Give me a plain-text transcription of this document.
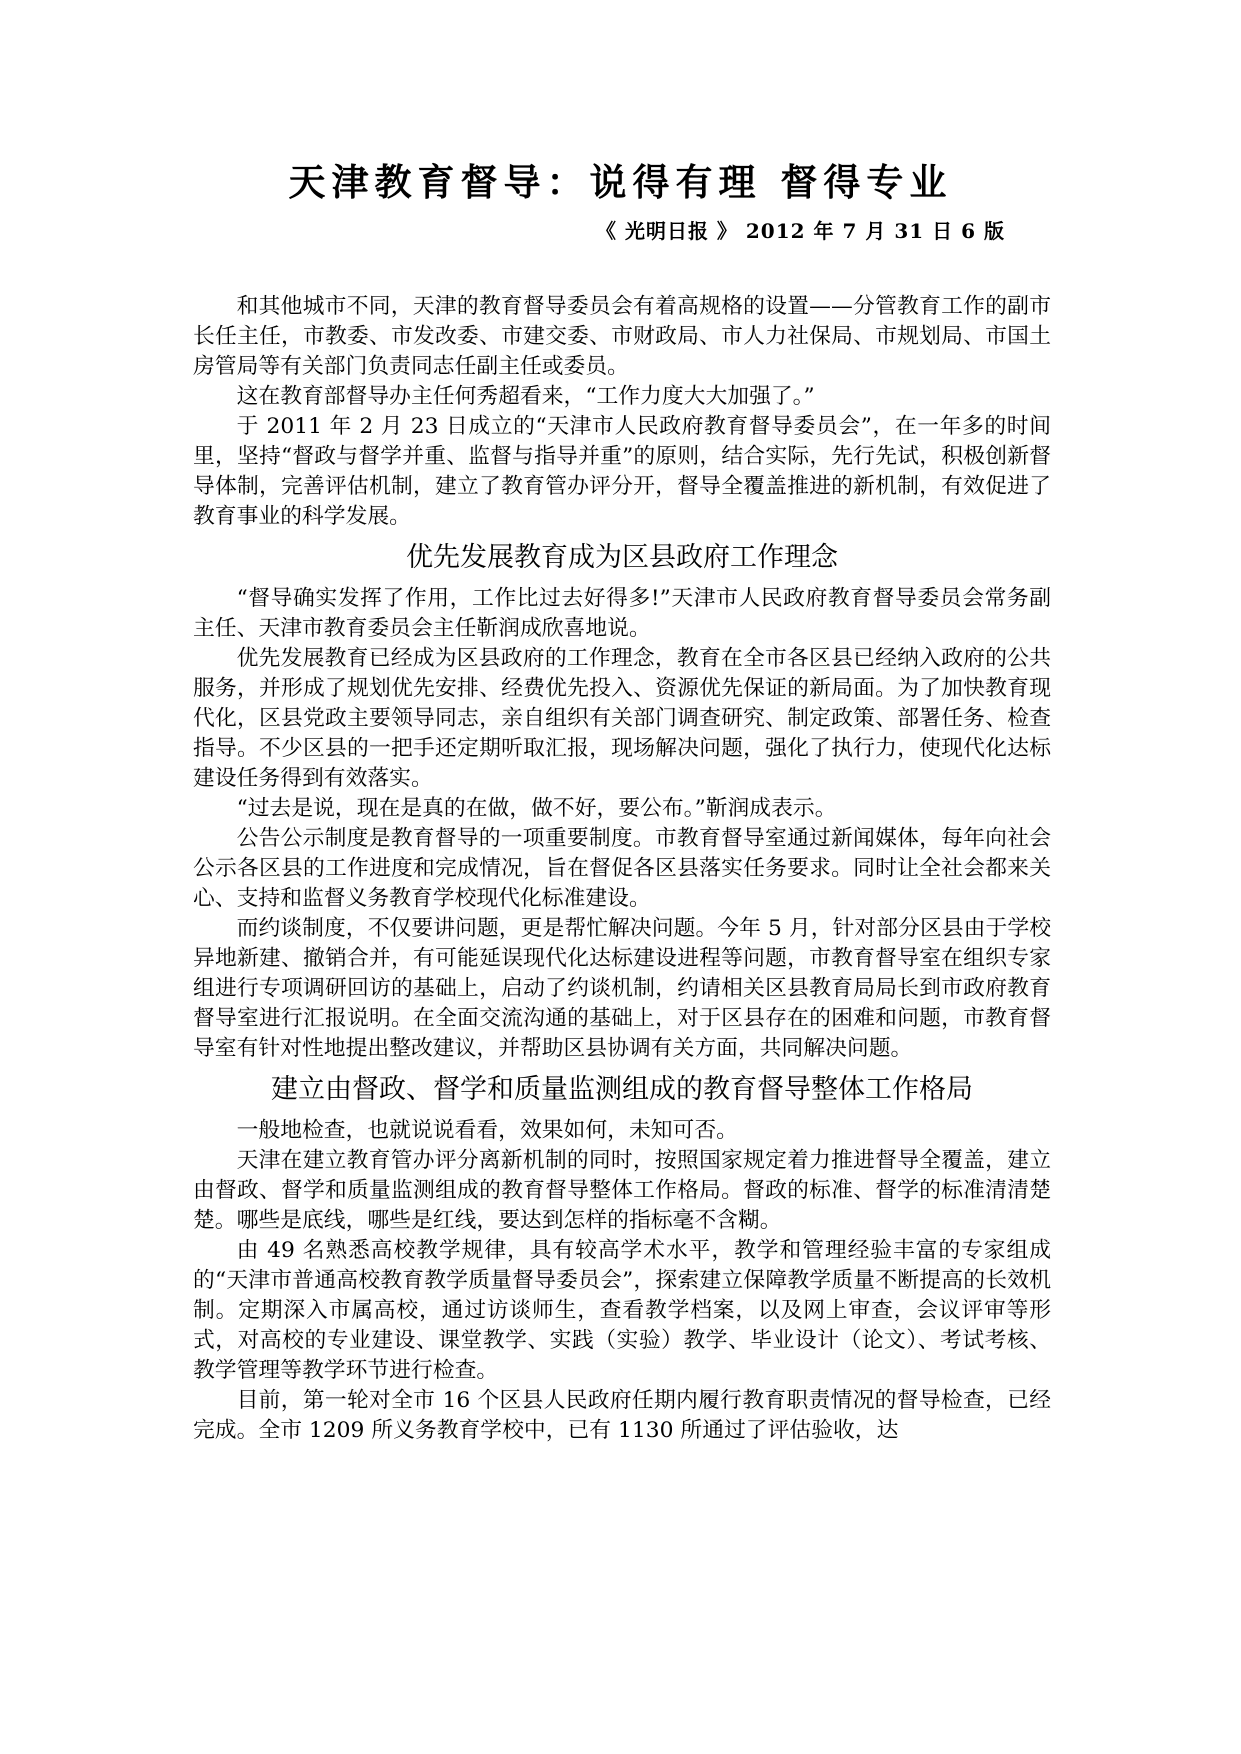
天津教育督导：说得有理 督得专业
《 光明日报 》 2012 年 7 月 31 日 6 版

和其他城市不同，天津的教育督导委员会有着高规格的设置——分管教育工作的副市长任主任，市教委、市发改委、市建交委、市财政局、市人力社保局、市规划局、市国土房管局等有关部门负责同志任副主任或委员。

这在教育部督导办主任何秀超看来，“工作力度大大加强了。”

于 2011 年 2 月 23 日成立的“天津市人民政府教育督导委员会”，在一年多的时间里，坚持“督政与督学并重、监督与指导并重”的原则，结合实际，先行先试，积极创新督导体制，完善评估机制，建立了教育管办评分开，督导全覆盖推进的新机制，有效促进了教育事业的科学发展。

优先发展教育成为区县政府工作理念

“督导确实发挥了作用，工作比过去好得多!”天津市人民政府教育督导委员会常务副主任、天津市教育委员会主任靳润成欣喜地说。

优先发展教育已经成为区县政府的工作理念，教育在全市各区县已经纳入政府的公共服务，并形成了规划优先安排、经费优先投入、资源优先保证的新局面。为了加快教育现代化，区县党政主要领导同志，亲自组织有关部门调查研究、制定政策、部署任务、检查指导。不少区县的一把手还定期听取汇报，现场解决问题，强化了执行力，使现代化达标建设任务得到有效落实。

“过去是说，现在是真的在做，做不好，要公布。”靳润成表示。

公告公示制度是教育督导的一项重要制度。市教育督导室通过新闻媒体，每年向社会公示各区县的工作进度和完成情况，旨在督促各区县落实任务要求。同时让全社会都来关心、支持和监督义务教育学校现代化标准建设。

而约谈制度，不仅要讲问题，更是帮忙解决问题。今年 5 月，针对部分区县由于学校异地新建、撤销合并，有可能延误现代化达标建设进程等问题，市教育督导室在组织专家组进行专项调研回访的基础上，启动了约谈机制，约请相关区县教育局局长到市政府教育督导室进行汇报说明。在全面交流沟通的基础上，对于区县存在的困难和问题，市教育督导室有针对性地提出整改建议，并帮助区县协调有关方面，共同解决问题。

建立由督政、督学和质量监测组成的教育督导整体工作格局

一般地检查，也就说说看看，效果如何，未知可否。

天津在建立教育管办评分离新机制的同时，按照国家规定着力推进督导全覆盖，建立由督政、督学和质量监测组成的教育督导整体工作格局。督政的标准、督学的标准清清楚楚。哪些是底线，哪些是红线，要达到怎样的指标毫不含糊。

由 49 名熟悉高校教学规律，具有较高学术水平，教学和管理经验丰富的专家组成的“天津市普通高校教育教学质量督导委员会”，探索建立保障教学质量不断提高的长效机制。定期深入市属高校，通过访谈师生，查看教学档案，以及网上审查，会议评审等形式，对高校的专业建设、课堂教学、实践（实验）教学、毕业设计（论文）、考试考核、教学管理等教学环节进行检查。

目前，第一轮对全市 16 个区县人民政府任期内履行教育职责情况的督导检查，已经完成。全市 1209 所义务教育学校中，已有 1130 所通过了评估验收，达
